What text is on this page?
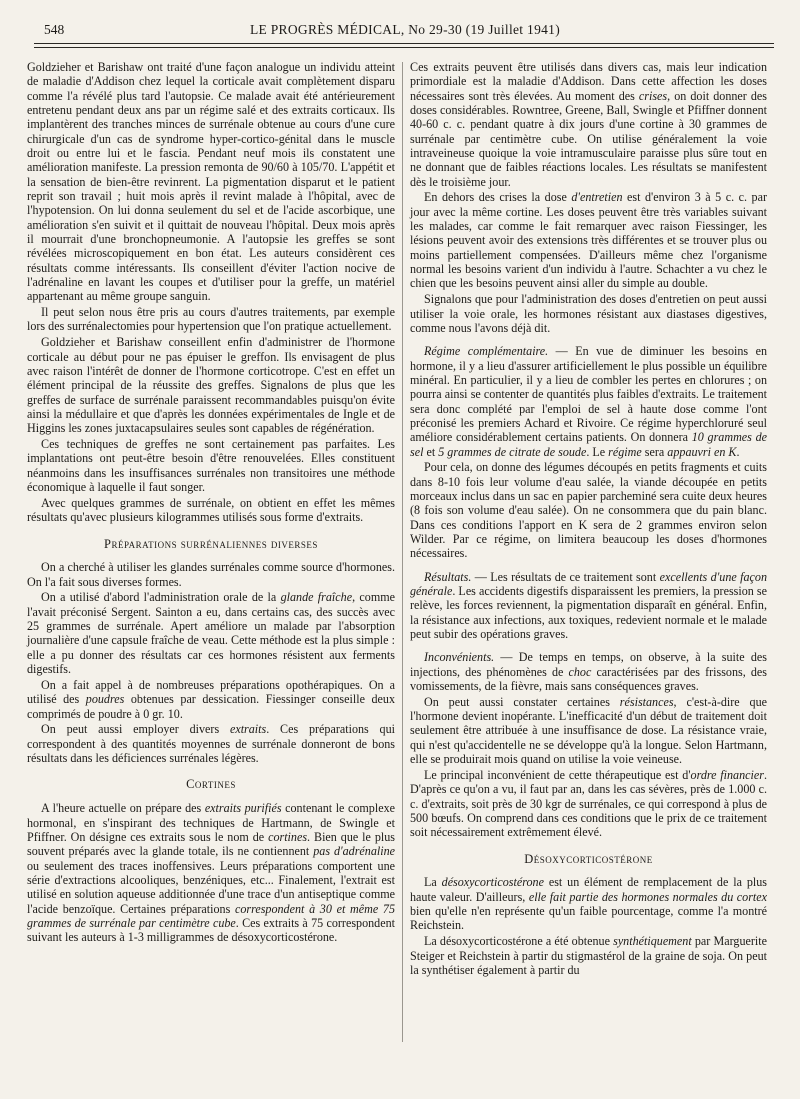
548	LE PROGRÈS MÉDICAL, No 29-30 (19 Juillet 1941)

Goldzieher et Barishaw ont traité d'une façon analogue un individu atteint de maladie d'Addison chez lequel la corticale avait complètement disparu comme l'a révélé plus tard l'autopsie. Ce malade avait été antérieurement entretenu pendant deux ans par un régime salé et des extraits corticaux. Ils implantèrent des tranches minces de surrénale obtenue au cours d'une cure chirurgicale d'un cas de syndrome hyper-cortico-génital dans le muscle droit ou entre lui et le fascia. Pendant neuf mois ils constatent une amélioration manifeste. La pression remonta de 90/60 à 105/70. L'appétit et la sensation de bien-être revinrent. La pigmentation disparut et le patient reprit son travail ; huit mois après il revint malade à l'hôpital, avec de l'hypotension. On lui donna seulement du sel et de l'acide ascorbique, une amélioration s'en suivit et il quittait de nouveau l'hôpital. Deux mois après il mourrait d'une bronchopneumonie. A l'autopsie les greffes se sont révélées microscopiquement en bon état. Les auteurs considèrent ces résultats comme intéressants. Ils conseillent d'éviter l'action nocive de l'adrénaline en lavant les coupes et d'utiliser pour la greffe, un matériel appartenant au même groupe sanguin.

Il peut selon nous être pris au cours d'autres traitements, par exemple lors des surrénalectomies pour hypertension que l'on pratique actuellement.

Goldzieher et Barishaw conseillent enfin d'administrer de l'hormone corticale au début pour ne pas épuiser le greffon. Ils envisagent de plus avec raison l'intérêt de donner de l'hormone corticotrope. C'est en effet un élément principal de la réussite des greffes. Signalons de plus que les greffes de surface de surrénale paraissent recommandables puisqu'on évite ainsi la médullaire et que d'après les données expérimentales de Ingle et de Higgins les zones juxtacapsulaires seules sont capables de régénération.

Ces techniques de greffes ne sont certainement pas parfaites. Les implantations ont peut-être besoin d'être renouvelées. Elles constituent néanmoins dans les insuffisances surrénales non transitoires une méthode économique à laquelle il faut songer.

Avec quelques grammes de surrénale, on obtient en effet les mêmes résultats qu'avec plusieurs kilogrammes utilisés sous forme d'extraits.

Préparations surrénaliennes diverses

On a cherché à utiliser les glandes surrénales comme source d'hormones. On l'a fait sous diverses formes.

On a utilisé d'abord l'administration orale de la glande fraîche, comme l'avait préconisé Sergent. Sainton a eu, dans certains cas, des succès avec 25 grammes de surrénale. Apert améliore un malade par l'absorption journalière d'une capsule fraîche de veau. Cette méthode est la plus simple : elle a pu donner des résultats car ces hormones résistent aux ferments digestifs.

On a fait appel à de nombreuses préparations opothérapiques. On a utilisé des poudres obtenues par dessication. Fiessinger conseille deux comprimés de poudre à 0 gr. 10.

On peut aussi employer divers extraits. Ces préparations qui correspondent à des quantités moyennes de surrénale donneront de bons résultats dans les déficiences surrénales légères.

Cortines

A l'heure actuelle on prépare des extraits purifiés contenant le complexe hormonal, en s'inspirant des techniques de Hartmann, de Swingle et Pfiffner. On désigne ces extraits sous le nom de cortines. Bien que le plus souvent préparés avec la glande totale, ils ne contiennent pas d'adrénaline ou seulement des traces inoffensives. Leurs préparations comportent une série d'extractions alcooliques, benzéniques, etc... Finalement, l'extrait est utilisé en solution aqueuse additionnée d'une trace d'un antiseptique comme l'acide benzoïque. Certaines préparations correspondent à 30 et même 75 grammes de surrénale par centimètre cube. Ces extraits à 75 correspondent suivant les auteurs à 1-3 milligrammes de désoxycorticostérone.

Ces extraits peuvent être utilisés dans divers cas, mais leur indication primordiale est la maladie d'Addison. Dans cette affection les doses nécessaires sont très élevées. Au moment des crises, on doit donner des doses considérables. Rowntree, Greene, Ball, Swingle et Pfiffner donnent 40-60 c. c. pendant quatre à dix jours d'une cortine à 30 grammes de surrénale par centimètre cube. On utilise généralement la voie intraveineuse quoique la voie intramusculaire paraisse plus sûre tout en ne donnant que de faibles réactions locales. Les résultats se manifestent dès le troisième jour.

En dehors des crises la dose d'entretien est d'environ 3 à 5 c. c. par jour avec la même cortine. Les doses peuvent être très variables suivant les malades, car comme le fait remarquer avec raison Fiessinger, les lésions peuvent avoir des extensions très différentes et se trouver plus ou moins partiellement compensées. D'ailleurs même chez l'organisme normal les besoins varient d'un individu à l'autre. Schachter a vu chez le chien que les besoins peuvent ainsi aller du simple au double.

Signalons que pour l'administration des doses d'entretien on peut aussi utiliser la voie orale, les hormones résistant aux diastases digestives, comme nous l'avons déjà dit.

Régime complémentaire. — En vue de diminuer les besoins en hormone, il y a lieu d'assurer artificiellement le plus possible un équilibre minéral. En particulier, il y a lieu de combler les pertes en chlorures ; on pourra ainsi se contenter de quantités plus faibles d'extraits. Le traitement sera donc complété par l'emploi de sel à haute dose comme l'ont préconisé les premiers Achard et Rivoire. Ce régime hyperchloruré seul améliore considérablement certains patients. On donnera 10 grammes de sel et 5 grammes de citrate de soude. Le régime sera appauvri en K.

Pour cela, on donne des légumes découpés en petits fragments et cuits dans 8-10 fois leur volume d'eau salée, la viande découpée en petits morceaux inclus dans un sac en papier parcheminé sera cuite deux heures (8 fois son volume d'eau salée). On ne consommera que du pain blanc. Dans ces conditions l'apport en K sera de 2 grammes environ selon Wilder. Par ce régime, on limitera beaucoup les doses d'hormones nécessaires.

Résultats. — Les résultats de ce traitement sont excellents d'une façon générale. Les accidents digestifs disparaissent les premiers, la pression se relève, les forces reviennent, la pigmentation disparaît en général. Enfin, la résistance aux infections, aux toxiques, redevient normale et le malade peut subir des opérations graves.

Inconvénients. — De temps en temps, on observe, à la suite des injections, des phénomènes de choc caractérisées par des frissons, des vomissements, de la fièvre, mais sans conséquences graves.

On peut aussi constater certaines résistances, c'est-à-dire que l'hormone devient inopérante. L'inefficacité d'un début de traitement doit seulement être attribuée à une insuffisance de dose. La résistance vraie, qui n'est qu'accidentelle ne se développe qu'à la longue. Selon Hartmann, elle se produirait mois quand on utilise la voie veineuse.

Le principal inconvénient de cette thérapeutique est d'ordre financier. D'après ce qu'on a vu, il faut par an, dans les cas sévères, près de 1.000 c. c. d'extraits, soit près de 30 kgr de surrénales, ce qui correspond à plus de 500 bœufs. On comprend dans ces conditions que le prix de ce traitement soit nécessairement extrêmement élevé.

Désoxycorticostérone

La désoxycorticostérone est un élément de remplacement de la plus haute valeur. D'ailleurs, elle fait partie des hormones normales du cortex bien qu'elle n'en représente qu'un faible pourcentage, comme l'a montré Reichstein.

La désoxycorticostérone a été obtenue synthétiquement par Marguerite Steiger et Reichstein à partir du stigmastérol de la graine de soja. On peut la synthétiser également à partir du
